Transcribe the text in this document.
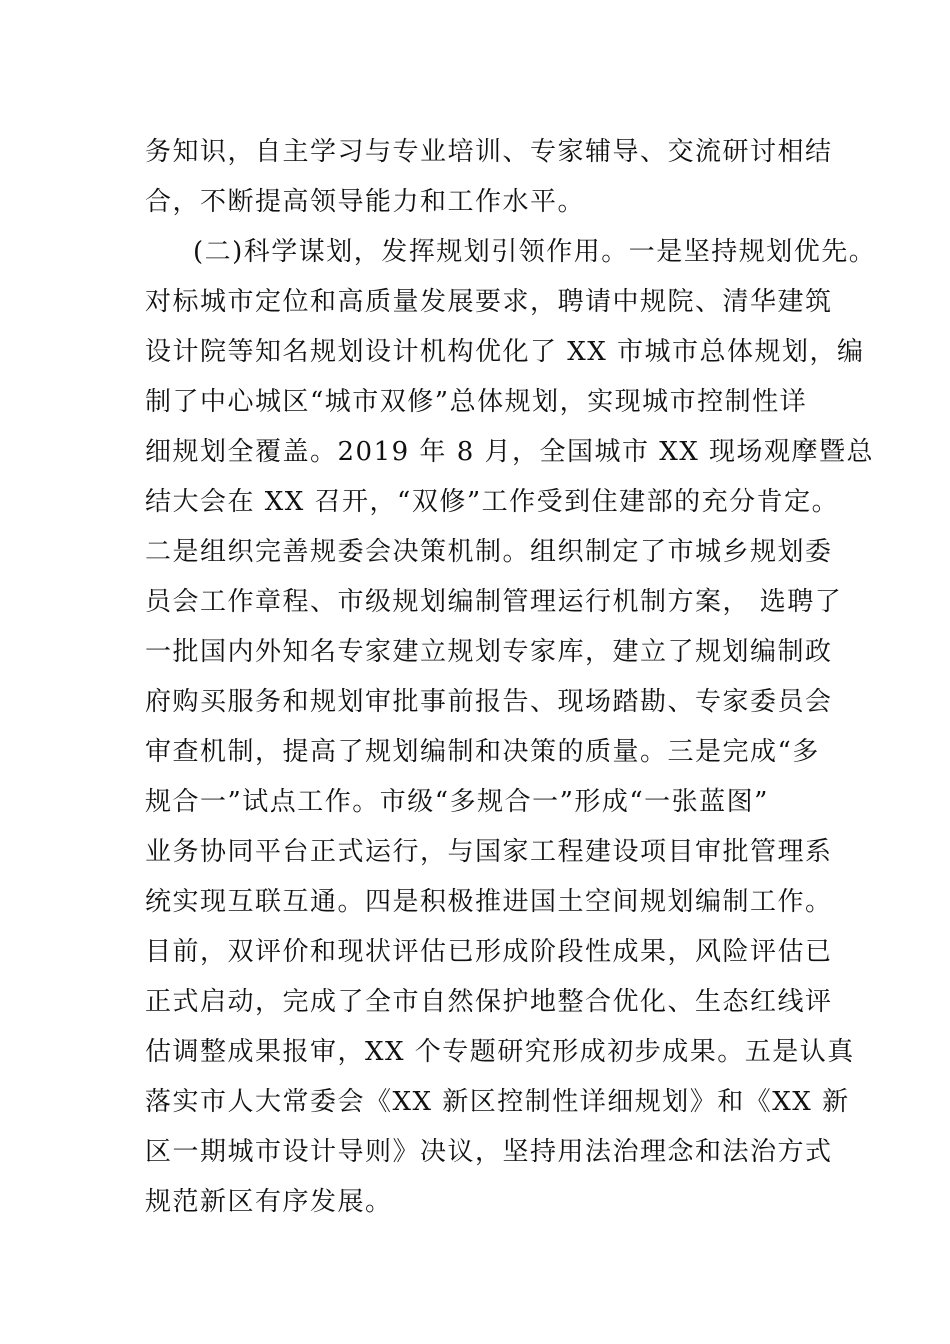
务知识，自主学习与专业培训、专家辅导、交流研讨相结
合，不断提高领导能力和工作水平。
(二)科学谋划，发挥规划引领作用。一是坚持规划优先。
对标城市定位和高质量发展要求，聘请中规院、清华建筑
设计院等知名规划设计机构优化了 XX 市城市总体规划，编
制了中心城区“城市双修”总体规划，实现城市控制性详
细规划全覆盖。2019 年 8 月，全国城市 XX 现场观摩暨总
结大会在 XX 召开，“双修”工作受到住建部的充分肯定。
二是组织完善规委会决策机制。组织制定了市城乡规划委
员会工作章程、市级规划编制管理运行机制方案， 选聘了
一批国内外知名专家建立规划专家库，建立了规划编制政
府购买服务和规划审批事前报告、现场踏勘、专家委员会
审查机制，提高了规划编制和决策的质量。三是完成“多
规合一”试点工作。市级“多规合一”形成“一张蓝图”
业务协同平台正式运行，与国家工程建设项目审批管理系
统实现互联互通。四是积极推进国土空间规划编制工作。
目前，双评价和现状评估已形成阶段性成果，风险评估已
正式启动，完成了全市自然保护地整合优化、生态红线评
估调整成果报审，XX 个专题研究形成初步成果。五是认真
落实市人大常委会《XX 新区控制性详细规划》和《XX 新
区一期城市设计导则》决议，坚持用法治理念和法治方式
规范新区有序发展。
